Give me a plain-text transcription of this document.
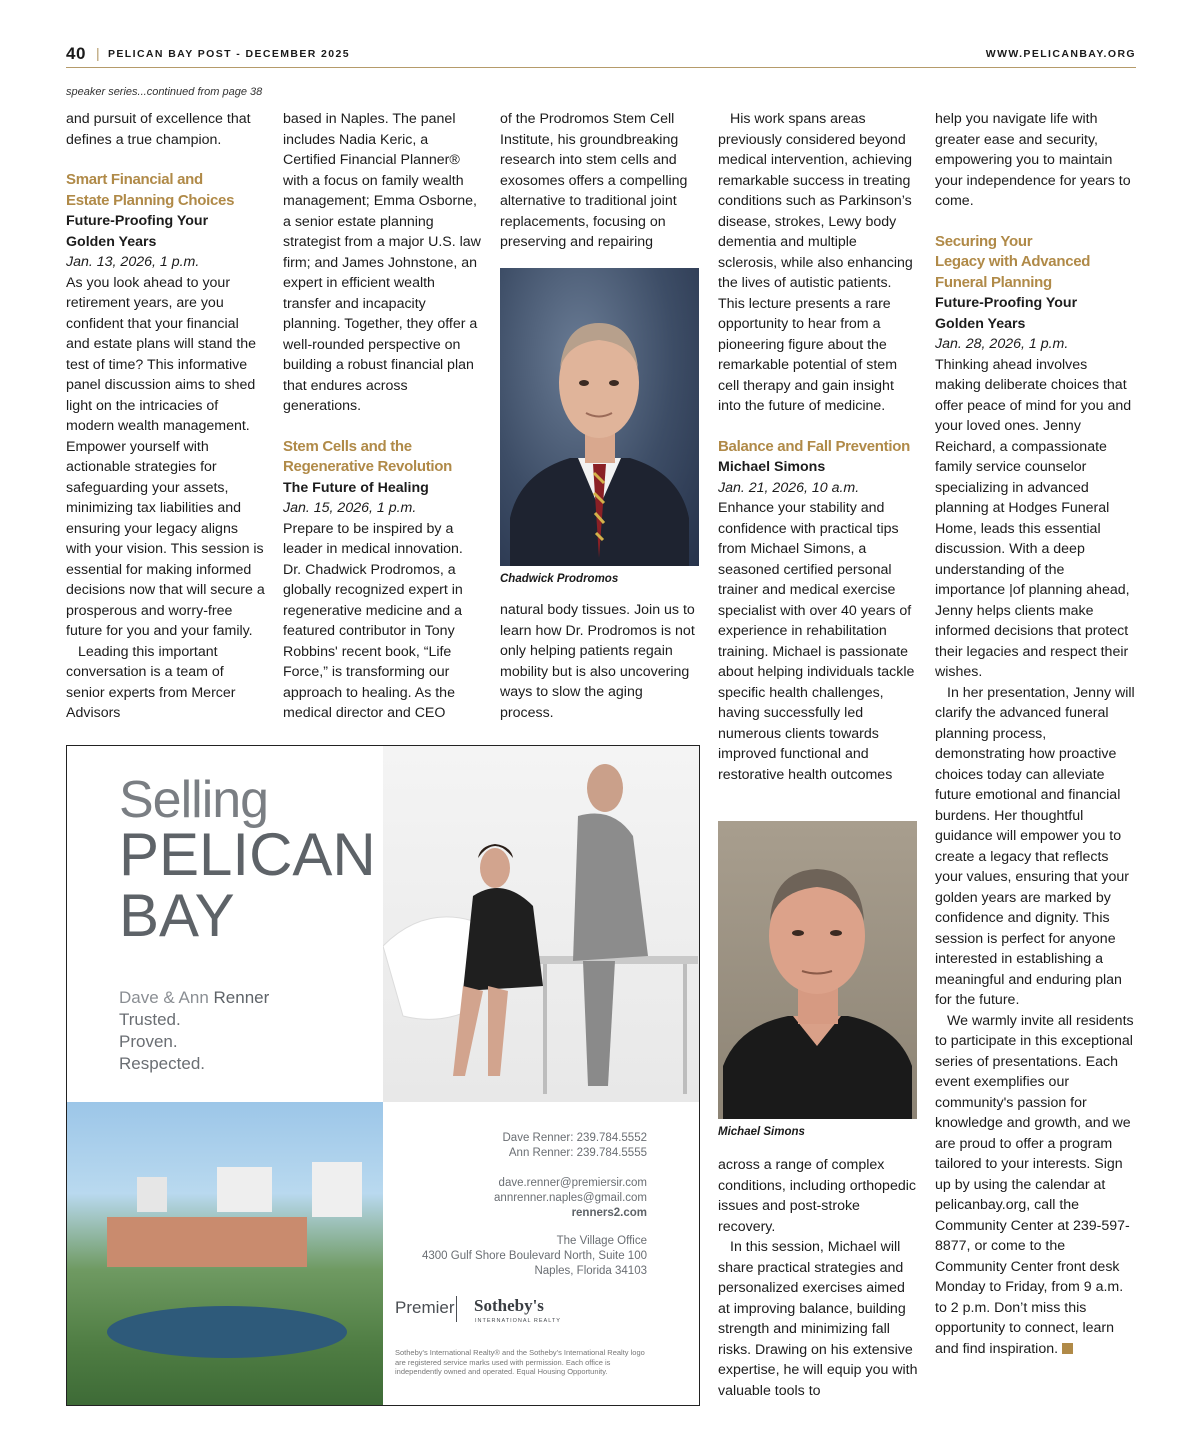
40 | PELICAN BAY POST - DECEMBER 2025	WWW.PELICANBAY.ORG
speaker series...continued from page 38

and pursuit of excellence that defines a true champion.

Smart Financial and
Estate Planning Choices
Future-Proofing Your
Golden Years
Jan. 13, 2026, 1 p.m.

As you look ahead to your retirement years, are you confident that your financial and estate plans will stand the test of time? This informative panel discussion aims to shed light on the intricacies of modern wealth management. Empower yourself with actionable strategies for safeguarding your assets, minimizing tax liabilities and ensuring your legacy aligns with your vision. This session is essential for making informed decisions now that will secure a prosperous and worry-free future for you and your family.

Leading this important conversation is a team of senior experts from Mercer Advisors

based in Naples. The panel includes Nadia Keric, a Certified Financial Planner® with a focus on family wealth management; Emma Osborne, a senior estate planning strategist from a major U.S. law firm; and James Johnstone, an expert in efficient wealth transfer and incapacity planning. Together, they offer a well-rounded perspective on building a robust financial plan that endures across generations.

Stem Cells and the
Regenerative Revolution
The Future of Healing
Jan. 15, 2026, 1 p.m.

Prepare to be inspired by a leader in medical innovation. Dr. Chadwick Prodromos, a globally recognized expert in regenerative medicine and a featured contributor in Tony Robbins' recent book, “Life Force,” is transforming our approach to healing. As the medical director and CEO

of the Prodromos Stem Cell Institute, his groundbreaking research into stem cells and exosomes offers a compelling alternative to traditional joint replacements, focusing on preserving and repairing

Chadwick Prodromos

natural body tissues. Join us to learn how Dr. Prodromos is not only helping patients regain mobility but is also uncovering ways to slow the aging process.

His work spans areas previously considered beyond medical intervention, achieving remarkable success in treating conditions such as Parkinson’s disease, strokes, Lewy body dementia and multiple sclerosis, while also enhancing the lives of autistic patients. This lecture presents a rare opportunity to hear from a pioneering figure about the remarkable potential of stem cell therapy and gain insight into the future of medicine.

Balance and Fall Prevention
Michael Simons
Jan. 21, 2026, 10 a.m.

Enhance your stability and confidence with practical tips from Michael Simons, a seasoned certified personal trainer and medical exercise specialist with over 40 years of experience in rehabilitation training. Michael is passionate about helping individuals tackle specific health challenges, having successfully led numerous clients towards improved functional and restorative health outcomes

Michael Simons

across a range of complex conditions, including orthopedic issues and post-stroke recovery.

In this session, Michael will share practical strategies and personalized exercises aimed at improving balance, building strength and minimizing fall risks. Drawing on his extensive expertise, he will equip you with valuable tools to

help you navigate life with greater ease and security, empowering you to maintain your independence for years to come.

Securing Your
Legacy with Advanced
Funeral Planning
Future-Proofing Your
Golden Years
Jan. 28, 2026, 1 p.m.

Thinking ahead involves making deliberate choices that offer peace of mind for you and your loved ones. Jenny Reichard, a compassionate family service counselor specializing in advanced planning at Hodges Funeral Home, leads this essential discussion. With a deep understanding of the importance |of planning ahead, Jenny helps clients make informed decisions that protect their legacies and respect their wishes.

In her presentation, Jenny will clarify the advanced funeral planning process, demonstrating how proactive choices today can alleviate future emotional and financial burdens. Her thoughtful guidance will empower you to create a legacy that reflects your values, ensuring that your golden years are marked by confidence and dignity. This session is perfect for anyone interested in establishing a meaningful and enduring plan for the future.

We warmly invite all residents to participate in this exceptional series of presentations. Each event exemplifies our community's passion for knowledge and growth, and we are proud to offer a program tailored to your interests. Sign up by using the calendar at pelicanbay.org, call the Community Center at 239-597-8877, or come to the Community Center front desk Monday to Friday, from 9 a.m. to 2 p.m. Don’t miss this opportunity to connect, learn and find inspiration.

Selling
PELICAN
BAY
Dave & Ann Renner
Trusted.
Proven.
Respected.
Dave Renner: 239.784.5552
Ann Renner: 239.784.5555
dave.renner@premiersir.com
annrenner.naples@gmail.com
renners2.com
The Village Office
4300 Gulf Shore Boulevard North, Suite 100
Naples, Florida 34103
Premier Sotheby's
INTERNATIONAL REALTY
Sotheby's International Realty® and the Sotheby's International Realty logo are registered service marks used with permission. Each office is independently owned and operated. Equal Housing Opportunity.
